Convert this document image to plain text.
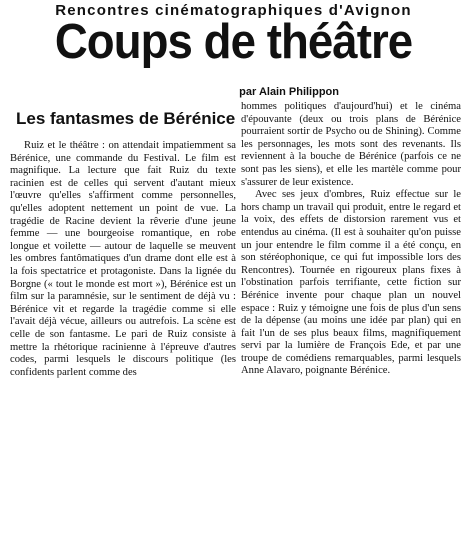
Rencontres cinématographiques d'Avignon
Coups de théâtre
par Alain Philippon
Les fantasmes de Bérénice

Ruiz et le théâtre : on attendait impatiemment sa Bérénice, une commande du Festival. Le film est magnifique. La lecture que fait Ruiz du texte racinien est de celles qui servent d'autant mieux l'œuvre qu'elles s'affirment comme personnelles, qu'elles adoptent nettement un point de vue. La tragédie de Racine devient la rêverie d'une jeune femme — une bourgeoise romantique, en robe longue et voilette — autour de laquelle se meuvent les ombres fantômatiques d'un drame dont elle est à la fois spectatrice et protagoniste. Dans la lignée du Borgne (« tout le monde est mort »), Bérénice est un film sur la paramnésie, sur le sentiment de déjà vu : Bérénice vit et regarde la tragédie comme si elle l'avait déjà vécue, ailleurs ou autrefois. La scène est celle de son fantasme. Le pari de Ruiz consiste à mettre la rhétorique racinienne à l'épreuve d'autres codes, parmi lesquels le discours politique (les confidents parlent comme des

hommes politiques d'aujourd'hui) et le cinéma d'épouvante (deux ou trois plans de Bérénice pourraient sortir de Psycho ou de Shining). Comme les personnages, les mots sont des revenants. Ils reviennent à la bouche de Bérénice (parfois ce ne sont pas les siens), et elle les martèle comme pour s'assurer de leur existence.

Avec ses jeux d'ombres, Ruiz effectue sur le hors champ un travail qui produit, entre le regard et la voix, des effets de distorsion rarement vus et entendus au cinéma. (Il est à souhaiter qu'on puisse un jour entendre le film comme il a été conçu, en son stéréophonique, ce qui fut impossible lors des Rencontres). Tournée en rigoureux plans fixes à l'obstination parfois terrifiante, cette fiction sur Bérénice invente pour chaque plan un nouvel espace : Ruiz y témoigne une fois de plus d'un sens de la dépense (au moins une idée par plan) qui en fait l'un de ses plus beaux films, magnifiquement servi par la lumière de François Ede, et par une troupe de comédiens remarquables, parmi lesquels Anne Alavaro, poignante Bérénice.
